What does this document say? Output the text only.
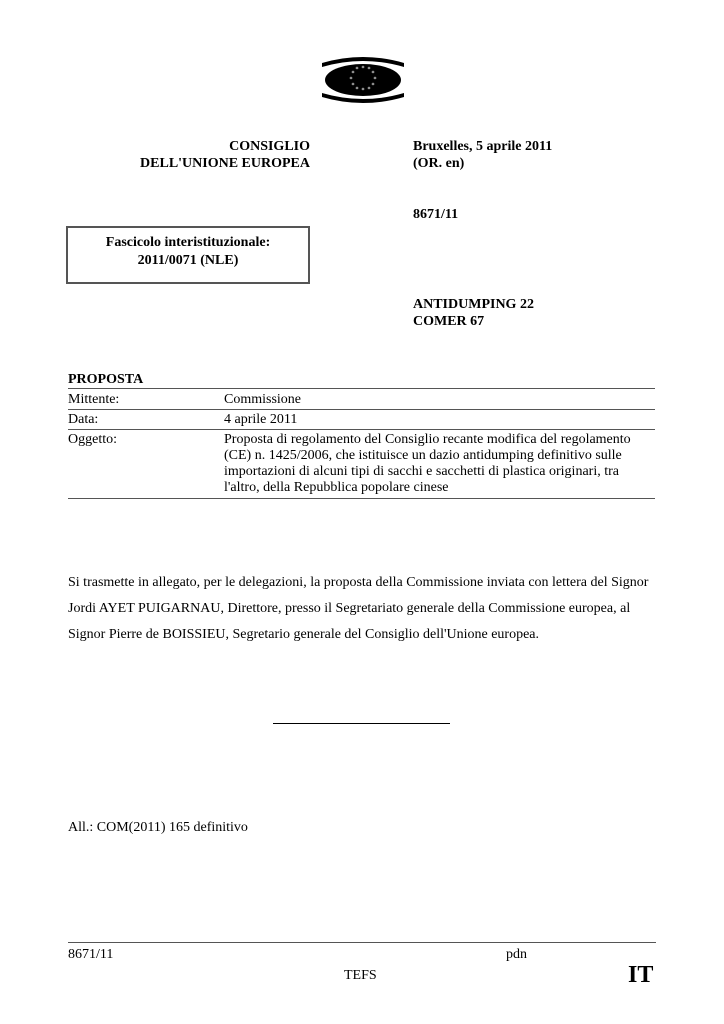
* *
*
*
*
*
*
*
*
*
*
*
CONSIGLIO
DELL'UNIONE EUROPEA
Bruxelles, 5 aprile 2011
(OR. en)
8671/11
ANTIDUMPING 22
COMER 67
Fascicolo interistituzionale:
2011/0071 (NLE)
PROPOSTA
Mittente:	Commissione
Data:	4 aprile 2011
Oggetto:	Proposta di regolamento del Consiglio recante modifica del regolamento (CE) n. 1425/2006, che istituisce un dazio antidumping definitivo sulle importazioni di alcuni tipi di sacchi e sacchetti di plastica originari, tra l'altro, della Repubblica popolare cinese
Si trasmette in allegato, per le delegazioni, la proposta della Commissione inviata con lettera del Signor Jordi AYET PUIGARNAU, Direttore, presso il Segretariato generale della Commissione europea, al Signor Pierre de BOISSIEU, Segretario generale del Consiglio dell'Unione europea.
All.: COM(2011) 165 definitivo
8671/11	pdn
TEFS	IT
